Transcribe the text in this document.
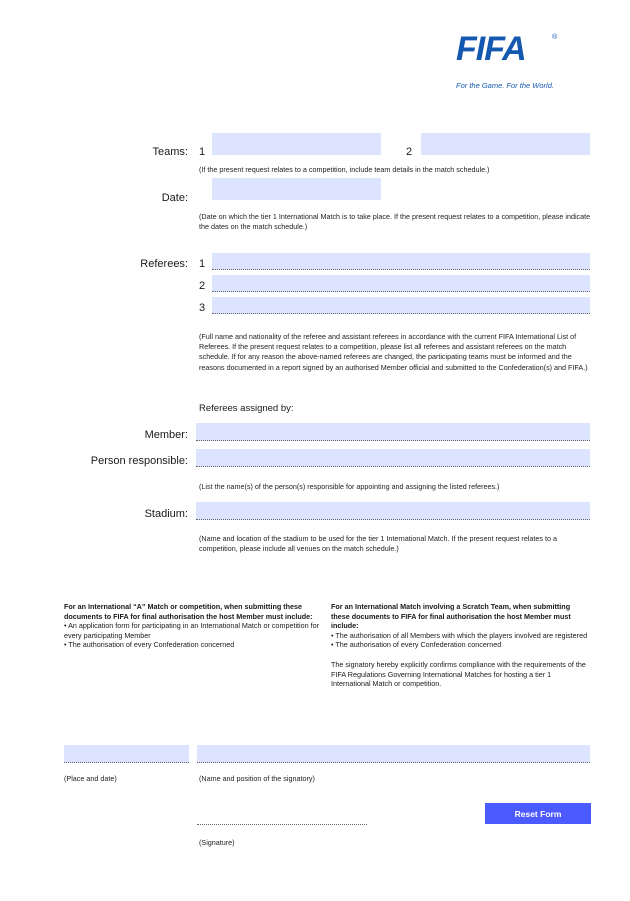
FIFA	®
For the Game. For the World.
Teams: 1	2
(If the present request relates to a competition, include team details in the match schedule.)
Date:
(Date on which the tier 1 International Match is to take place. If the present request relates to a competition, please indicate the dates on the match schedule.)
Referees: 1
2
3
(Full name and nationality of the referee and assistant referees in accordance with the current FIFA International List of Referees. If the present request relates to a competition, please list all referees and assistant referees on the match schedule. If for any reason the above-named referees are changed, the participating teams must be informed and the reasons documented in a report signed by an authorised Member official and submitted to the Confederation(s) and FIFA.)
Referees assigned by:
Member:
Person responsible:
(List the name(s) of the person(s) responsible for appointing and assigning the listed referees.)
Stadium:
(Name and location of the stadium to be used for the tier 1 International Match. If the present request relates to a competition, please include all venues on the match schedule.)
For an International “A” Match or competition, when submitting these documents to FIFA for final authorisation the host Member must include:
• An application form for participating in an International Match or competition for every participating Member
• The authorisation of every Confederation concerned
For an International Match involving a Scratch Team, when submitting these documents to FIFA for final authorisation the host Member must include:
• The authorisation of all Members with which the players involved are registered
• The authorisation of every Confederation concerned
The signatory hereby explicitly confirms compliance with the requirements of the FIFA Regulations Governing International Matches for hosting a tier 1 International Match or competition.
(Place and date)	(Name and position of the signatory)
Reset Form
(Signature)
